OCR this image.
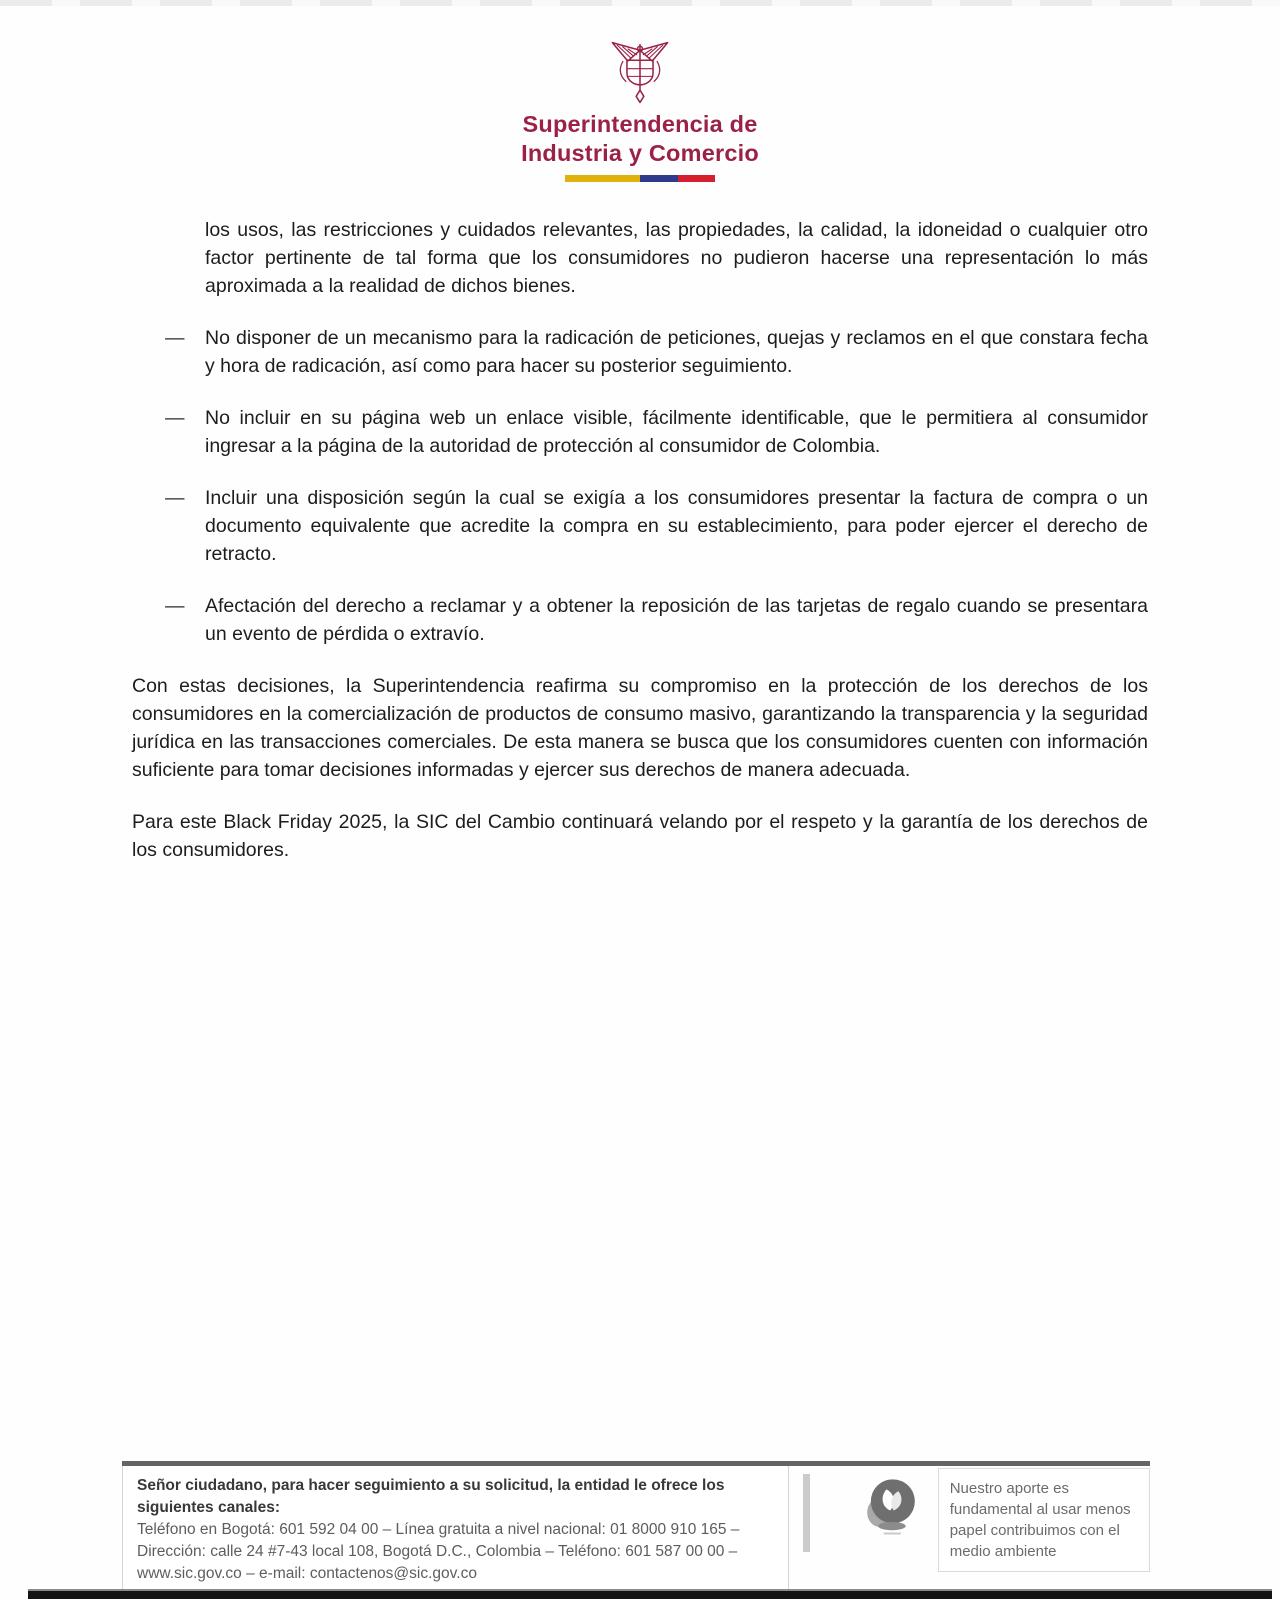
Superintendencia de
Industria y Comercio

los usos, las restricciones y cuidados relevantes, las propiedades, la calidad, la idoneidad o cualquier otro factor pertinente de tal forma que los consumidores no pudieron hacerse una representación lo más aproximada a la realidad de dichos bienes.

—	No disponer de un mecanismo para la radicación de peticiones, quejas y reclamos en el que constara fecha y hora de radicación, así como para hacer su posterior seguimiento.
—	No incluir en su página web un enlace visible, fácilmente identificable, que le permitiera al consumidor ingresar a la página de la autoridad de protección al consumidor de Colombia.
—	Incluir una disposición según la cual se exigía a los consumidores presentar la factura de compra o un documento equivalente que acredite la compra en su establecimiento, para poder ejercer el derecho de retracto.
—	Afectación del derecho a reclamar y a obtener la reposición de las tarjetas de regalo cuando se presentara un evento de pérdida o extravío.

Con estas decisiones, la Superintendencia reafirma su compromiso en la protección de los derechos de los consumidores en la comercialización de productos de consumo masivo, garantizando la transparencia y la seguridad jurídica en las transacciones comerciales. De esta manera se busca que los consumidores cuenten con información suficiente para tomar decisiones informadas y ejercer sus derechos de manera adecuada.

Para este Black Friday 2025, la SIC del Cambio continuará velando por el respeto y la garantía de los derechos de los consumidores.

Señor ciudadano, para hacer seguimiento a su solicitud, la entidad le ofrece los siguientes canales:
Teléfono en Bogotá: 601 592 04 00 – Línea gratuita a nivel nacional: 01 8000 910 165 –
Dirección: calle 24 #7-43 local 108, Bogotá D.C., Colombia – Teléfono: 601 587 00 00 –
www.sic.gov.co – e-mail: contactenos@sic.gov.co
Nuestro aporte es fundamental al usar menos papel contribuimos con el medio ambiente
